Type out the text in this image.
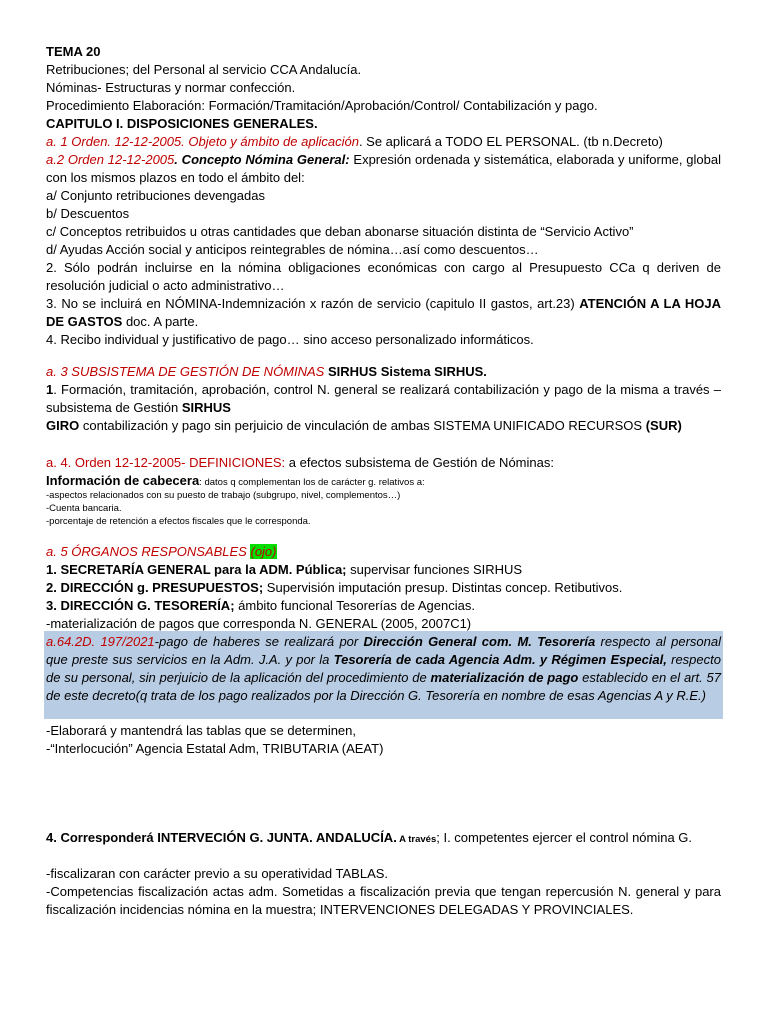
TEMA 20
Retribuciones; del Personal al servicio CCA Andalucía.
Nóminas- Estructuras y normar confección.
Procedimiento Elaboración: Formación/Tramitación/Aprobación/Control/ Contabilización y pago.
CAPITULO I. DISPOSICIONES GENERALES.
a. 1 Orden. 12-12-2005. Objeto y ámbito de aplicación. Se aplicará a TODO EL PERSONAL. (tb n.Decreto)
a.2 Orden 12-12-2005. Concepto Nómina General: Expresión ordenada y sistemática, elaborada y uniforme, global con los mismos plazos en todo el ámbito del:
a/ Conjunto retribuciones devengadas
b/ Descuentos
c/ Conceptos retribuidos u otras cantidades que deban abonarse situación distinta de “Servicio Activo”
d/ Ayudas Acción social y anticipos reintegrables de nómina…así como descuentos…
2. Sólo podrán incluirse en la nómina obligaciones económicas con cargo al Presupuesto CCa q deriven de resolución judicial o acto administrativo…
3. No se incluirá en NÓMINA-Indemnización x razón de servicio (capitulo II gastos, art.23) ATENCIÓN A LA HOJA DE GASTOS doc. A parte.
4. Recibo individual y justificativo de pago… sino acceso personalizado informáticos.
a. 3 SUBSISTEMA DE GESTIÓN DE NÓMINAS SIRHUS Sistema SIRHUS.
1. Formación, tramitación, aprobación, control N. general se realizará contabilización y pago de la misma a través – subsistema de Gestión SIRHUS
GIRO contabilización y pago sin perjuicio de vinculación de ambas SISTEMA UNIFICADO RECURSOS (SUR)
a. 4. Orden 12-12-2005- DEFINICIONES: a efectos subsistema de Gestión de Nóminas:
Información de cabecera: datos q complementan los de carácter g. relativos a:
-aspectos relacionados con su puesto de trabajo (subgrupo, nivel, complementos…)
-Cuenta bancaria.
-porcentaje de retención a efectos fiscales que le corresponda.
a. 5 ÓRGANOS RESPONSABLES (ojo)
1. SECRETARÍA GENERAL para la ADM. Pública; supervisar funciones SIRHUS
2. DIRECCIÓN g. PRESUPUESTOS; Supervisión imputación presup. Distintas concep. Retibutivos.
3. DIRECCIÓN G. TESORERÍA; ámbito funcional Tesorerías de Agencias.
-materialización de pagos que corresponda N. GENERAL (2005, 2007C1)
a.64.2D. 197/2021-pago de haberes se realizará por Dirección General com. M. Tesorería respecto al personal que preste sus servicios en la Adm. J.A. y por la Tesorería de cada Agencia Adm. y Régimen Especial, respecto de su personal, sin perjuicio de la aplicación del procedimiento de materialización de pago establecido en el art. 57 de este decreto(q trata de los pago realizados por la Dirección G. Tesorería en nombre de esas Agencias A y R.E.)
-Elaborará y mantendrá las tablas que se determinen,
-“Interlocución” Agencia Estatal Adm, TRIBUTARIA (AEAT)
4. Corresponderá INTERVECIÓN G. JUNTA. ANDALUCÍA. A través; I. competentes ejercer el control nómina G.
-fiscalizaran con carácter previo a su operatividad TABLAS.
-Competencias fiscalización actas adm. Sometidas a fiscalización previa que tengan repercusión N. general y para fiscalización incidencias nómina en la muestra; INTERVENCIONES DELEGADAS Y PROVINCIALES.
